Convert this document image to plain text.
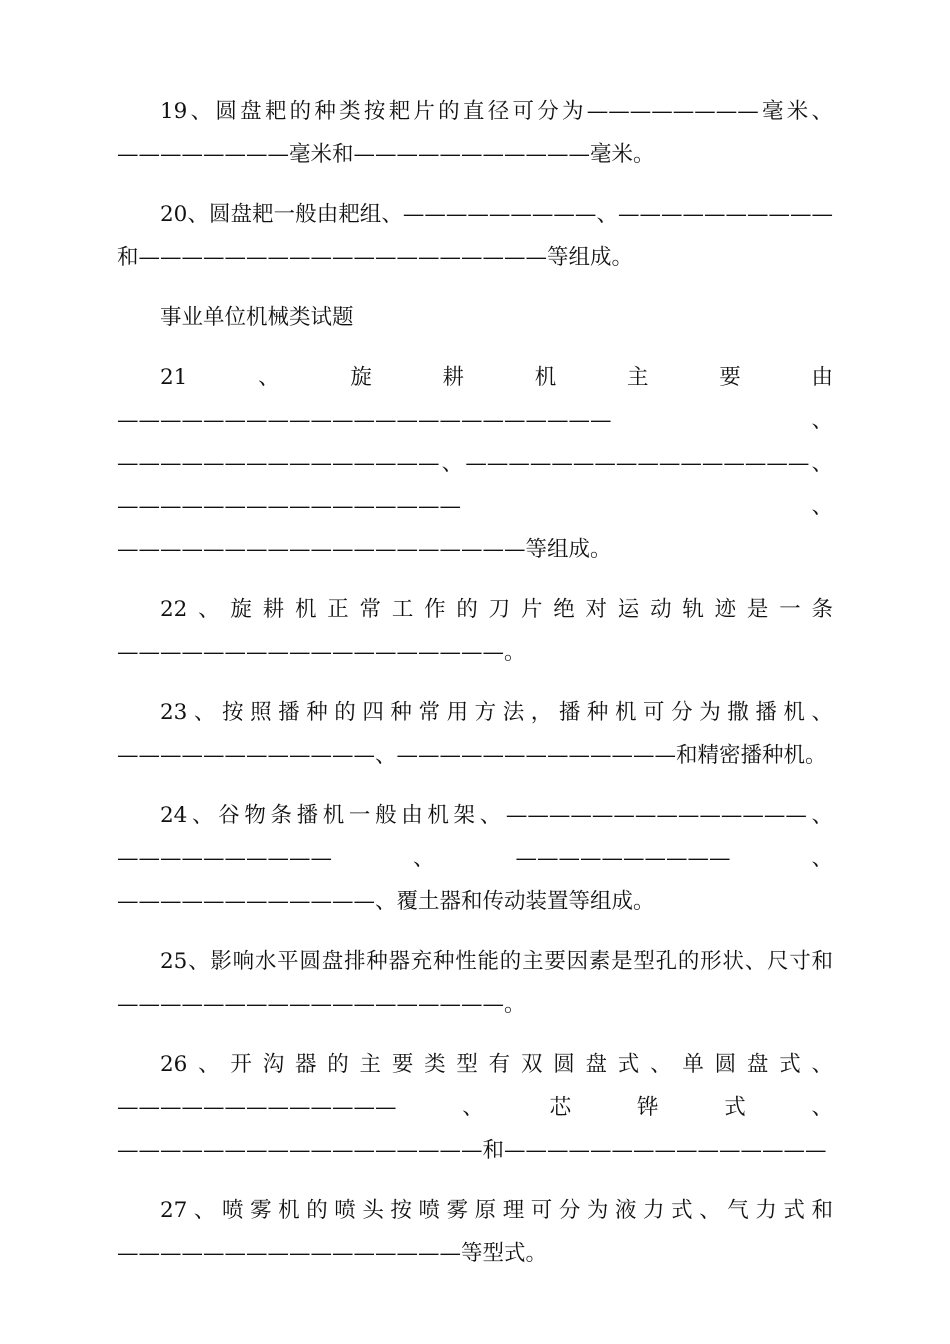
19、圆盘耙的种类按耙片的直径可分为————————毫米、————————毫米和———————————毫米。

20、圆盘耙一般由耙组、—————————、——————————和———————————————————等组成。

事业单位机械类试题

21、旋耕机主要由———————————————————————、———————————————、————————————————、————————————————、———————————————————等组成。

22、旋耕机正常工作的刀片绝对运动轨迹是一条——————————————————。

23、按照播种的四种常用方法，播种机可分为撒播机、————————————、—————————————和精密播种机。

24、谷物条播机一般由机架、——————————————、——————————、——————————、————————————、覆土器和传动装置等组成。

25、影响水平圆盘排种器充种性能的主要因素是型孔的形状、尺寸和——————————————————。

26、开沟器的主要类型有双圆盘式、单圆盘式、—————————————、芯铧式、—————————————————和———————————————

27、喷雾机的喷头按喷雾原理可分为液力式、气力式和————————————————等型式。
